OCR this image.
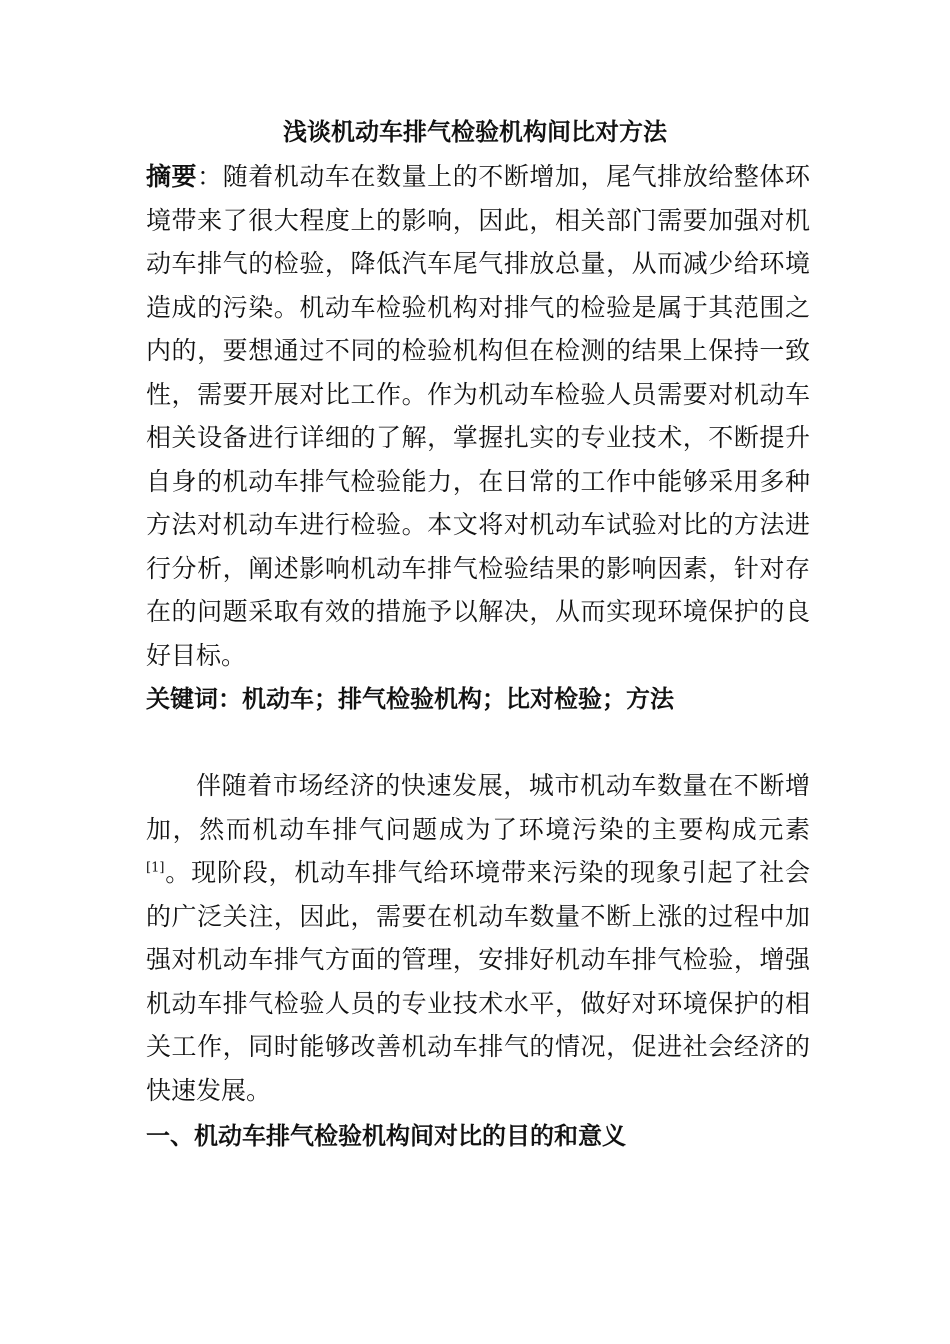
浅谈机动车排气检验机构间比对方法

摘要：随着机动车在数量上的不断增加，尾气排放给整体环境带来了很大程度上的影响，因此，相关部门需要加强对机动车排气的检验，降低汽车尾气排放总量，从而减少给环境造成的污染。机动车检验机构对排气的检验是属于其范围之内的，要想通过不同的检验机构但在检测的结果上保持一致性，需要开展对比工作。作为机动车检验人员需要对机动车相关设备进行详细的了解，掌握扎实的专业技术，不断提升自身的机动车排气检验能力，在日常的工作中能够采用多种方法对机动车进行检验。本文将对机动车试验对比的方法进行分析，阐述影响机动车排气检验结果的影响因素，针对存在的问题采取有效的措施予以解决，从而实现环境保护的良好目标。

关键词：机动车；排气检验机构；比对检验；方法

伴随着市场经济的快速发展，城市机动车数量在不断增加，然而机动车排气问题成为了环境污染的主要构成元素[1]。现阶段，机动车排气给环境带来污染的现象引起了社会的广泛关注，因此，需要在机动车数量不断上涨的过程中加强对机动车排气方面的管理，安排好机动车排气检验，增强机动车排气检验人员的专业技术水平，做好对环境保护的相关工作，同时能够改善机动车排气的情况，促进社会经济的快速发展。

一、机动车排气检验机构间对比的目的和意义
